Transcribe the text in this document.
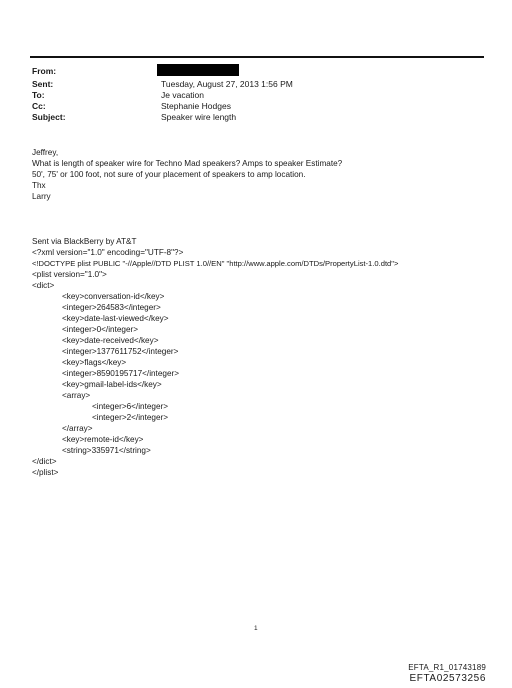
From:
Sent:	Tuesday, August 27, 2013 1:56 PM
To:	Je vacation
Cc:	Stephanie Hodges
Subject:	Speaker wire length
Jeffrey,
What is length of speaker wire for Techno Mad speakers? Amps to speaker Estimate?
50', 75' or 100 foot, not sure of your placement of speakers to amp location.
Thx
Larry
Sent via BlackBerry by AT&T
<?xml version="1.0" encoding="UTF-8"?>
<!DOCTYPE plist PUBLIC "-//Apple//DTD PLIST 1.0//EN" "http://www.apple.com/DTDs/PropertyList-1.0.dtd">
<plist version="1.0">
<dict>
<key>conversation-id</key>
<integer>264583</integer>
<key>date-last-viewed</key>
<integer>0</integer>
<key>date-received</key>
<integer>1377611752</integer>
<key>flags</key>
<integer>8590195717</integer>
<key>gmail-label-ids</key>
<array>
<integer>6</integer>
<integer>2</integer>
</array>
<key>remote-id</key>
<string>335971</string>
</dict>
</plist>
1
EFTA_R1_01743189
EFTA02573256
